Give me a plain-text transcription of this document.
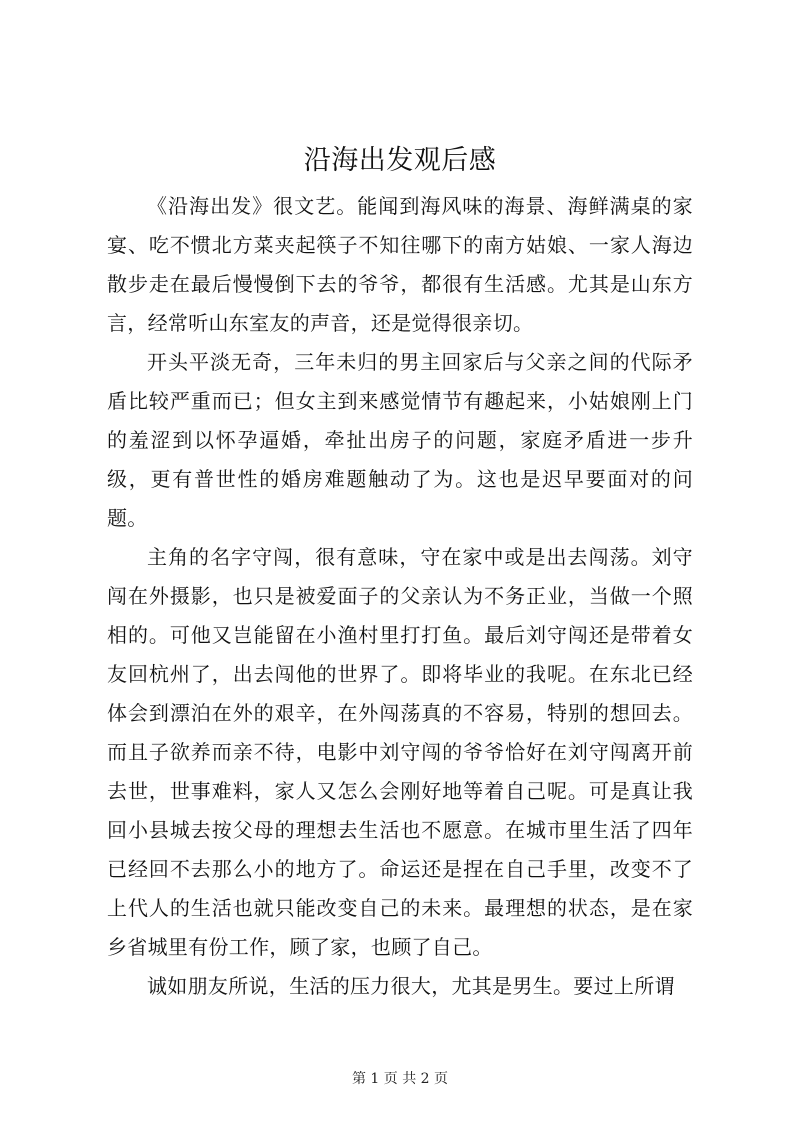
沿海出发观后感

《沿海出发》很文艺。能闻到海风味的海景、海鲜满桌的家宴、吃不惯北方菜夹起筷子不知往哪下的南方姑娘、一家人海边散步走在最后慢慢倒下去的爷爷，都很有生活感。尤其是山东方言，经常听山东室友的声音，还是觉得很亲切。

开头平淡无奇，三年未归的男主回家后与父亲之间的代际矛盾比较严重而已；但女主到来感觉情节有趣起来，小姑娘刚上门的羞涩到以怀孕逼婚，牵扯出房子的问题，家庭矛盾进一步升级，更有普世性的婚房难题触动了为。这也是迟早要面对的问题。

主角的名字守闯，很有意味，守在家中或是出去闯荡。刘守闯在外摄影，也只是被爱面子的父亲认为不务正业，当做一个照相的。可他又岂能留在小渔村里打打鱼。最后刘守闯还是带着女友回杭州了，出去闯他的世界了。即将毕业的我呢。在东北已经体会到漂泊在外的艰辛，在外闯荡真的不容易，特别的想回去。而且子欲养而亲不待，电影中刘守闯的爷爷恰好在刘守闯离开前去世，世事难料，家人又怎么会刚好地等着自己呢。可是真让我回小县城去按父母的理想去生活也不愿意。在城市里生活了四年已经回不去那么小的地方了。命运还是捏在自己手里，改变不了上代人的生活也就只能改变自己的未来。最理想的状态，是在家乡省城里有份工作，顾了家，也顾了自己。

诚如朋友所说，生活的压力很大，尤其是男生。要过上所谓

第 1 页 共 2 页
